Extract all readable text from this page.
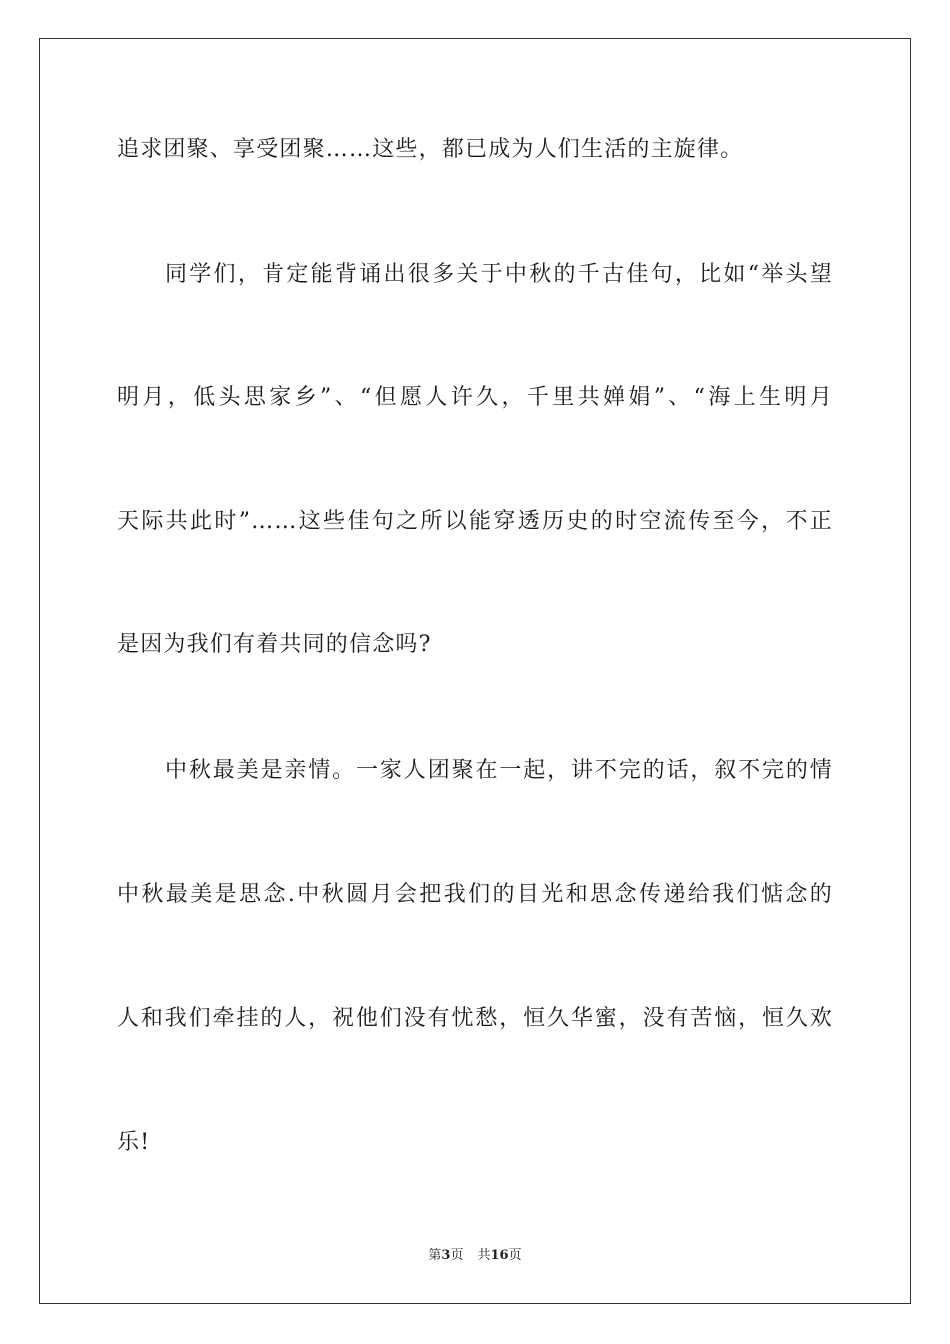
追求团聚、享受团聚……这些，都已成为人们生活的主旋律。
同学们，肯定能背诵出很多关于中秋的千古佳句，比如“举头望
明月，低头思家乡”、“但愿人许久，千里共婵娟”、“海上生明月
天际共此时”……这些佳句之所以能穿透历史的时空流传至今，不正
是因为我们有着共同的信念吗?
中秋最美是亲情。一家人团聚在一起，讲不完的话，叙不完的情
中秋最美是思念.中秋圆月会把我们的目光和思念传递给我们惦念的
人和我们牵挂的人，祝他们没有忧愁，恒久华蜜，没有苦恼，恒久欢
乐!
第3页 共16页
